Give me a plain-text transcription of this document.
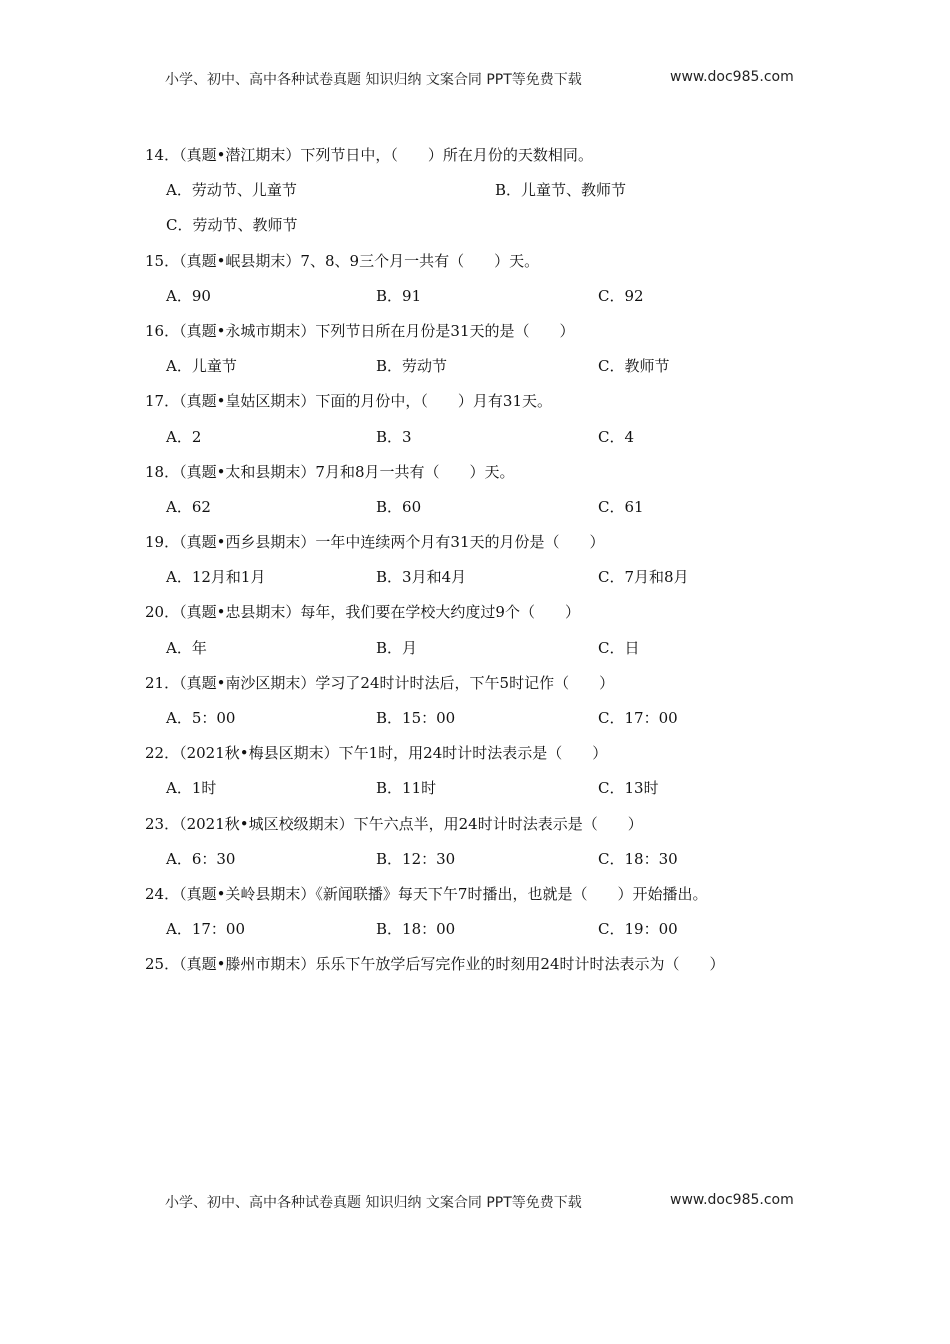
小学、初中、高中各种试卷真题 知识归纳 文案合同 PPT等免费下载	www.doc985.com
14．（真题•潜江期末）下列节日中，（　　）所在月份的天数相同。
A．劳动节、儿童节	B．儿童节、教师节
C．劳动节、教师节
15．（真题•岷县期末）7、8、9三个月一共有（　　）天。
A．90	B．91	C．92
16．（真题•永城市期末）下列节日所在月份是31天的是（　　）
A．儿童节	B．劳动节	C．教师节
17．（真题•皇姑区期末）下面的月份中，（　　）月有31天。
A．2	B．3	C．4
18．（真题•太和县期末）7月和8月一共有（　　）天。
A．62	B．60	C．61
19．（真题•西乡县期末）一年中连续两个月有31天的月份是（　　）
A．12月和1月	B．3月和4月	C．7月和8月
20．（真题•忠县期末）每年，我们要在学校大约度过9个（　　）
A．年	B．月	C．日
21．（真题•南沙区期末）学习了24时计时法后，下午5时记作（　　）
A．5：00	B．15：00	C．17：00
22．（2021秋•梅县区期末）下午1时，用24时计时法表示是（　　）
A．1时	B．11时	C．13时
23．（2021秋•城区校级期末）下午六点半，用24时计时法表示是（　　）
A．6：30	B．12：30	C．18：30
24．（真题•关岭县期末）《新闻联播》每天下午7时播出，也就是（　　）开始播出。
A．17：00	B．18：00	C．19：00
25．（真题•滕州市期末）乐乐下午放学后写完作业的时刻用24时计时法表示为（　　）
小学、初中、高中各种试卷真题 知识归纳 文案合同 PPT等免费下载	www.doc985.com
